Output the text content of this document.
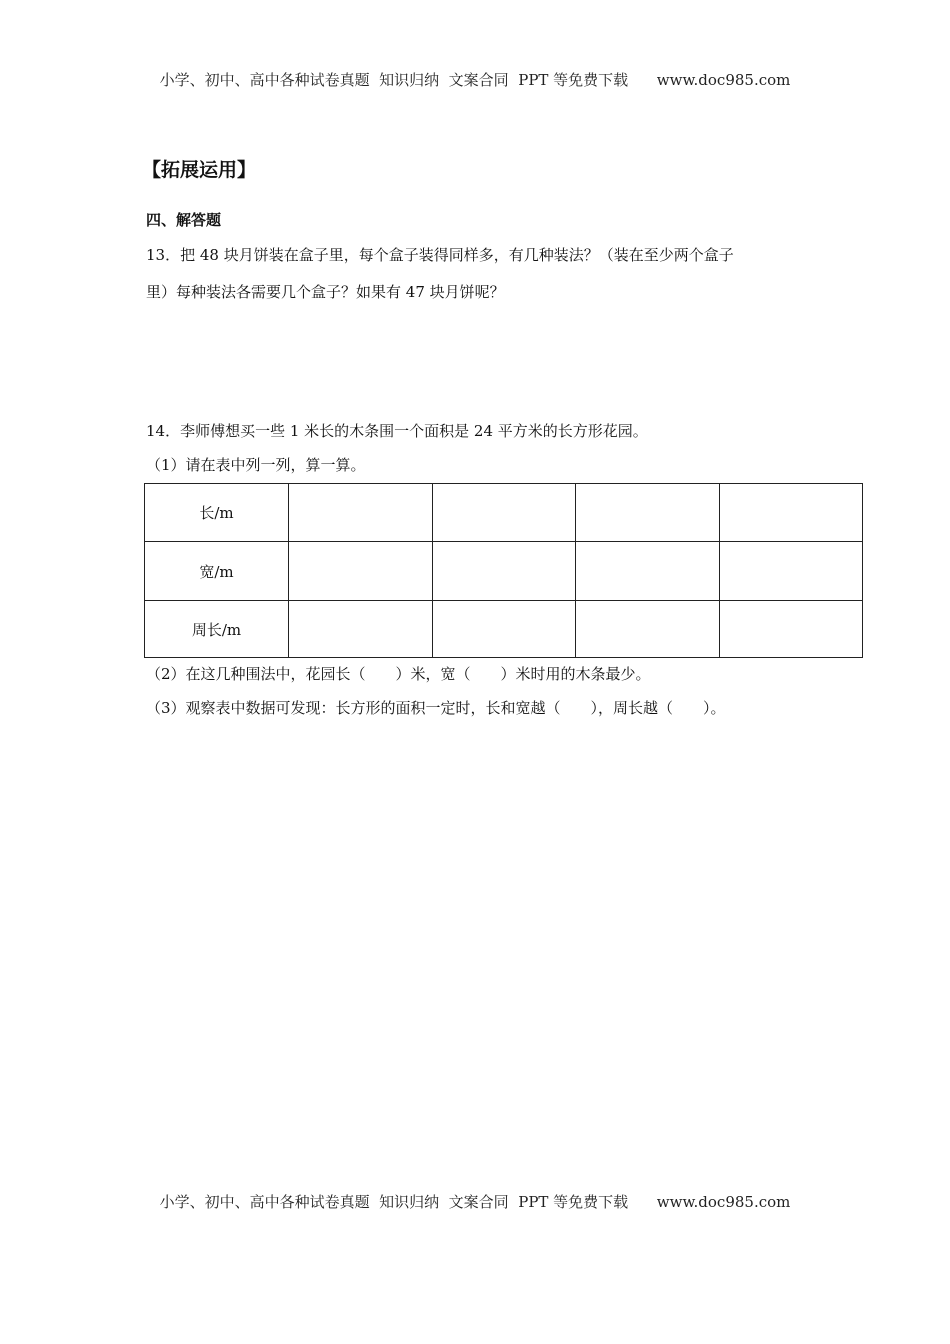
小学、初中、高中各种试卷真题  知识归纳  文案合同  PPT 等免费下载      www.doc985.com
【拓展运用】
四、解答题
13．把 48 块月饼装在盒子里，每个盒子装得同样多，有几种装法？（装在至少两个盒子
里）每种装法各需要几个盒子？如果有 47 块月饼呢？
14．李师傅想买一些 1 米长的木条围一个面积是 24 平方米的长方形花园。
（1）请在表中列一列，算一算。
长/m				
宽/m				
周长/m				
（2）在这几种围法中，花园长（　　）米，宽（　　）米时用的木条最少。
（3）观察表中数据可发现：长方形的面积一定时，长和宽越（　　），周长越（　　）。
小学、初中、高中各种试卷真题  知识归纳  文案合同  PPT 等免费下载      www.doc985.com
